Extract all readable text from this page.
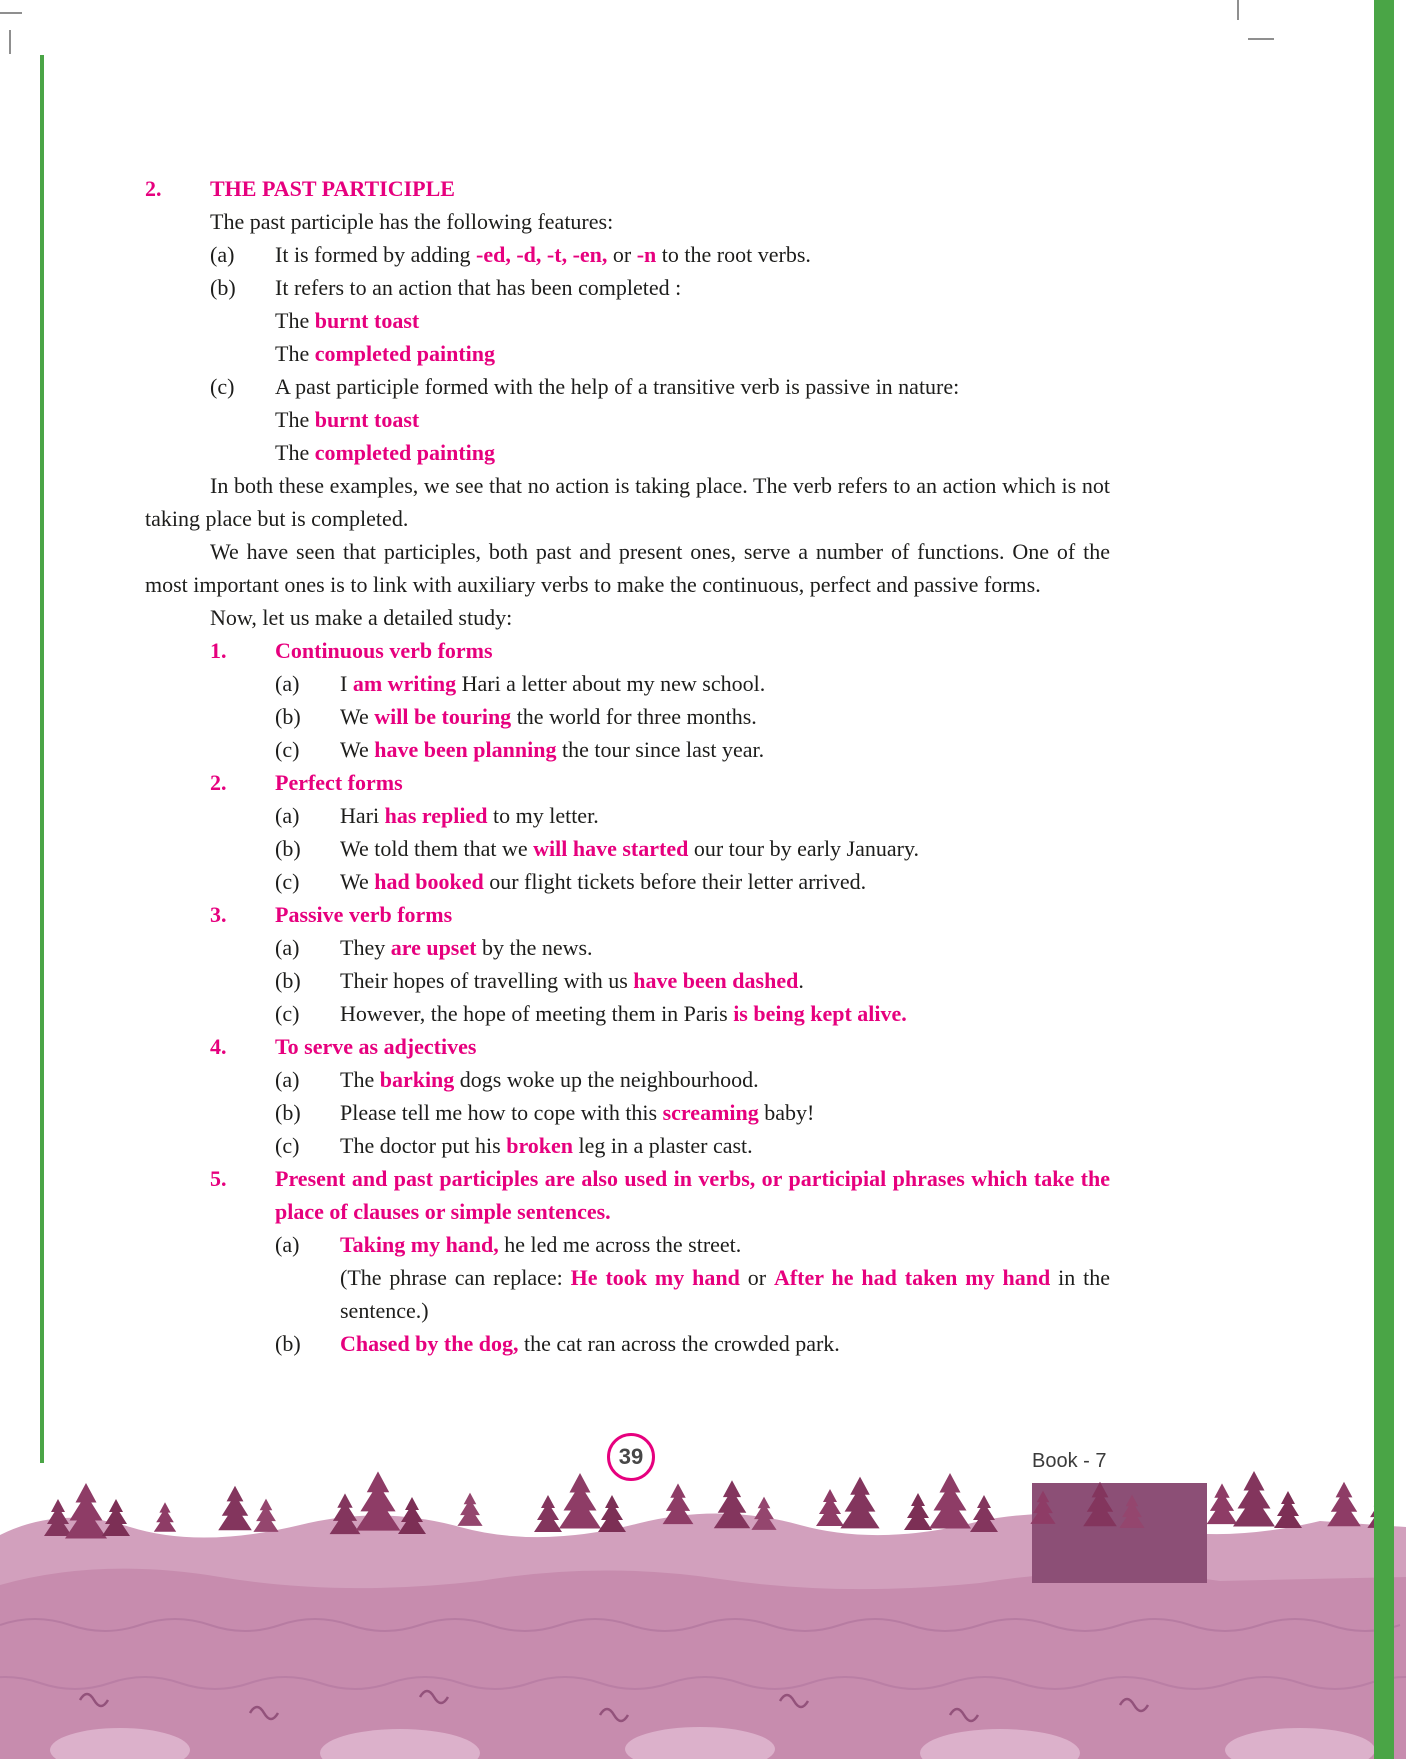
2.	THE PAST PARTICIPLE
The past participle has the following features:
(a)	It is formed by adding -ed, -d, -t, -en, or -n to the root verbs.
(b)	It refers to an action that has been completed :
The burnt toast
The completed painting
(c)	A past participle formed with the help of a transitive verb is passive in nature:
The burnt toast
The completed painting
In both these examples, we see that no action is taking place. The verb refers to an action which is not taking place but is completed.
We have seen that participles, both past and present ones, serve a number of functions. One of the most important ones is to link with auxiliary verbs to make the continuous, perfect and passive forms.
Now, let us make a detailed study:
1.	Continuous verb forms
(a)	I am writing Hari a letter about my new school.
(b)	We will be touring the world for three months.
(c)	We have been planning the tour since last year.
2.	Perfect forms
(a)	Hari has replied to my letter.
(b)	We told them that we will have started our tour by early January.
(c)	We had booked our flight tickets before their letter arrived.
3.	Passive verb forms
(a)	They are upset by the news.
(b)	Their hopes of travelling with us have been dashed.
(c)	However, the hope of meeting them in Paris is being kept alive.
4.	To serve as adjectives
(a)	The barking dogs woke up the neighbourhood.
(b)	Please tell me how to cope with this screaming baby!
(c)	The doctor put his broken leg in a plaster cast.
5.	Present and past participles are also used in verbs, or participial phrases which take the place of clauses or simple sentences.
(a)	Taking my hand, he led me across the street.
(The phrase can replace: He took my hand or After he had taken my hand in the sentence.)
(b)	Chased by the dog, the cat ran across the crowded park.
39	Book - 7
